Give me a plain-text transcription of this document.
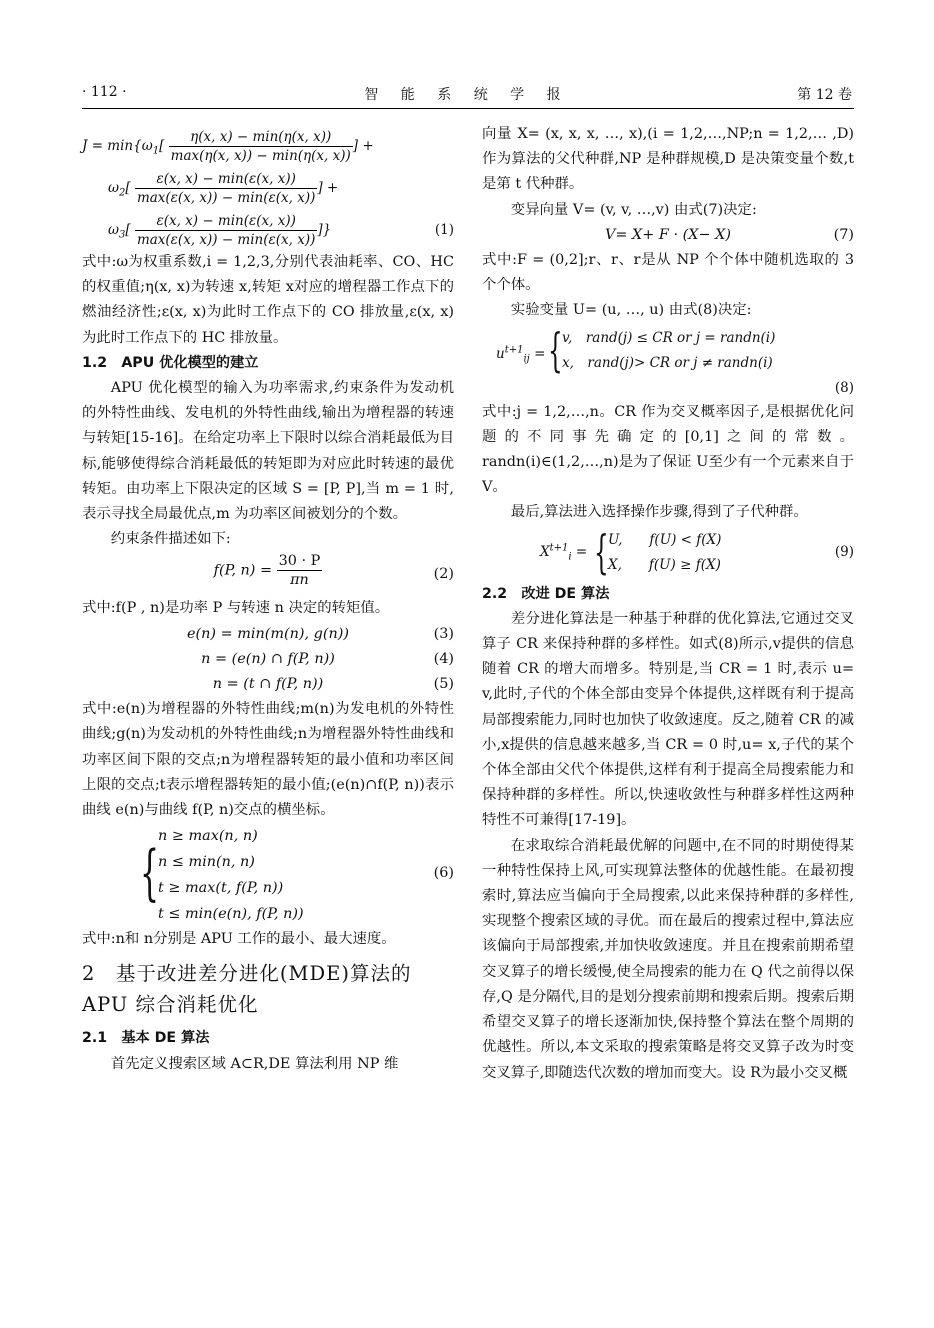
· 112 ·	智 能 系 统 学 报	第 12 卷
$J = \min\{\omega_1[ \frac{\eta(x, x) - \min(\eta(x, x))}{\max(\eta(x, x)) - \min(\eta(x, x))}$ ] +
$\omega_2[ \frac{\varepsilon(x, x) - \min(\varepsilon(x, x))}{\max(\varepsilon(x, x)) - \min(\varepsilon(x, x))}$ ] +
$\omega_3[ \frac{\varepsilon(x, x) - \min(\varepsilon(x, x))}{\max(\varepsilon(x, x)) - \min(\varepsilon(x, x))}$ ]}	(1)

式中:ω为权重系数,i = 1,2,3,分别代表油耗率、CO、HC 的权重值;η(x, x)为转速 x,转矩 x对应的增程器工作点下的燃油经济性;ε(x, x)为此时工作点下的 CO 排放量,ε(x, x)为此时工作点下的 HC 排放量。

1.2　APU 优化模型的建立

APU 优化模型的输入为功率需求,约束条件为发动机的外特性曲线、发电机的外特性曲线,输出为增程器的转速与转矩[15-16]。在给定功率上下限时以综合消耗最低为目标,能够使得综合消耗最低的转矩即为对应此时转速的最优转矩。由功率上下限决定的区域 S = [P, P],当 m = 1 时,表示寻找全局最优点,m 为功率区间被划分的个数。

约束条件描述如下:

f(P, $n) = \frac{30 \cdot P}{\pi n}$	(2)

式中:f(P , n)是功率 P 与转速 n 决定的转矩值。

e(n) = min(m(n), g(n))	(3)
n = (e(n) ∩ f(P, n))	(4)
n = (t ∩ f(P, n))	(5)

式中:e(n)为增程器的外特性曲线;m(n)为发电机的外特性曲线;g(n)为发动机的外特性曲线;n为增程器外特性曲线和功率区间下限的交点;n为增程器转矩的最小值和功率区间上限的交点;t表示增程器转矩的最小值;(e(n)∩f(P, n))表示曲线 e(n)与曲线 f(P, n)交点的横坐标。

{
n ≥ max(n, n)
n ≤ min(n, n)
t ≥ max(t, f(P, n))
t ≤ min(e(n), f(P, n))
(6)

式中:n和 n分别是 APU 工作的最小、最大速度。

2　基于改进差分进化(MDE)算法的 APU 综合消耗优化

2.1　基本 DE 算法

首先定义搜索区域 A⊂R,DE 算法利用 NP 维

向量 X= (x, x, x, …, x),(i = 1,2,…,NP;n = 1,2,… ,D)作为算法的父代种群,NP 是种群规模,D 是决策变量个数,t 是第 t 代种群。

变异向量 V= (v, v, …,v) 由式(7)决定:

V= X+ F · (X− X)	(7)

式中:F = (0,2];r、r、r是从 NP 个个体中随机选取的 3 个个体。

实验变量 U= (u, …, u) 由式(8)决定:

$u^{t+1}_{ij}$ = { v,　rand(j) ≤ CR or j = randn(i)
x,　rand(j)> CR or j ≠ randn(i)
(8)

式中:j = 1,2,…,n。CR 作为交叉概率因子,是根据优化问题的不同事先确定的[0,1]之间的常数。randn(i)∈(1,2,…,n)是为了保证 U至少有一个元素来自于 V。

最后,算法进入选择操作步骤,得到了子代种群。

$X^{t+1}_i$ = { U,　　f(U) < f(X)
X,　　f(U) ≥ f(X)
(9)

2.2　改进 DE 算法

差分进化算法是一种基于种群的优化算法,它通过交叉算子 CR 来保持种群的多样性。如式(8)所示,v提供的信息随着 CR 的增大而增多。特别是,当 CR = 1 时,表示 u= v,此时,子代的个体全部由变异个体提供,这样既有利于提高局部搜索能力,同时也加快了收敛速度。反之,随着 CR 的减小,x提供的信息越来越多,当 CR = 0 时,u= x,子代的某个个体全部由父代个体提供,这样有利于提高全局搜索能力和保持种群的多样性。所以,快速收敛性与种群多样性这两种特性不可兼得[17-19]。

在求取综合消耗最优解的问题中,在不同的时期使得某一种特性保持上风,可实现算法整体的优越性能。在最初搜索时,算法应当偏向于全局搜索,以此来保持种群的多样性,实现整个搜索区域的寻优。而在最后的搜索过程中,算法应该偏向于局部搜索,并加快收敛速度。并且在搜索前期希望交叉算子的增长缓慢,使全局搜索的能力在 Q 代之前得以保存,Q 是分隔代,目的是划分搜索前期和搜索后期。搜索后期希望交叉算子的增长逐渐加快,保持整个算法在整个周期的优越性。所以,本文采取的搜索策略是将交叉算子改为时变交叉算子,即随迭代次数的增加而变大。设 R为最小交叉概
